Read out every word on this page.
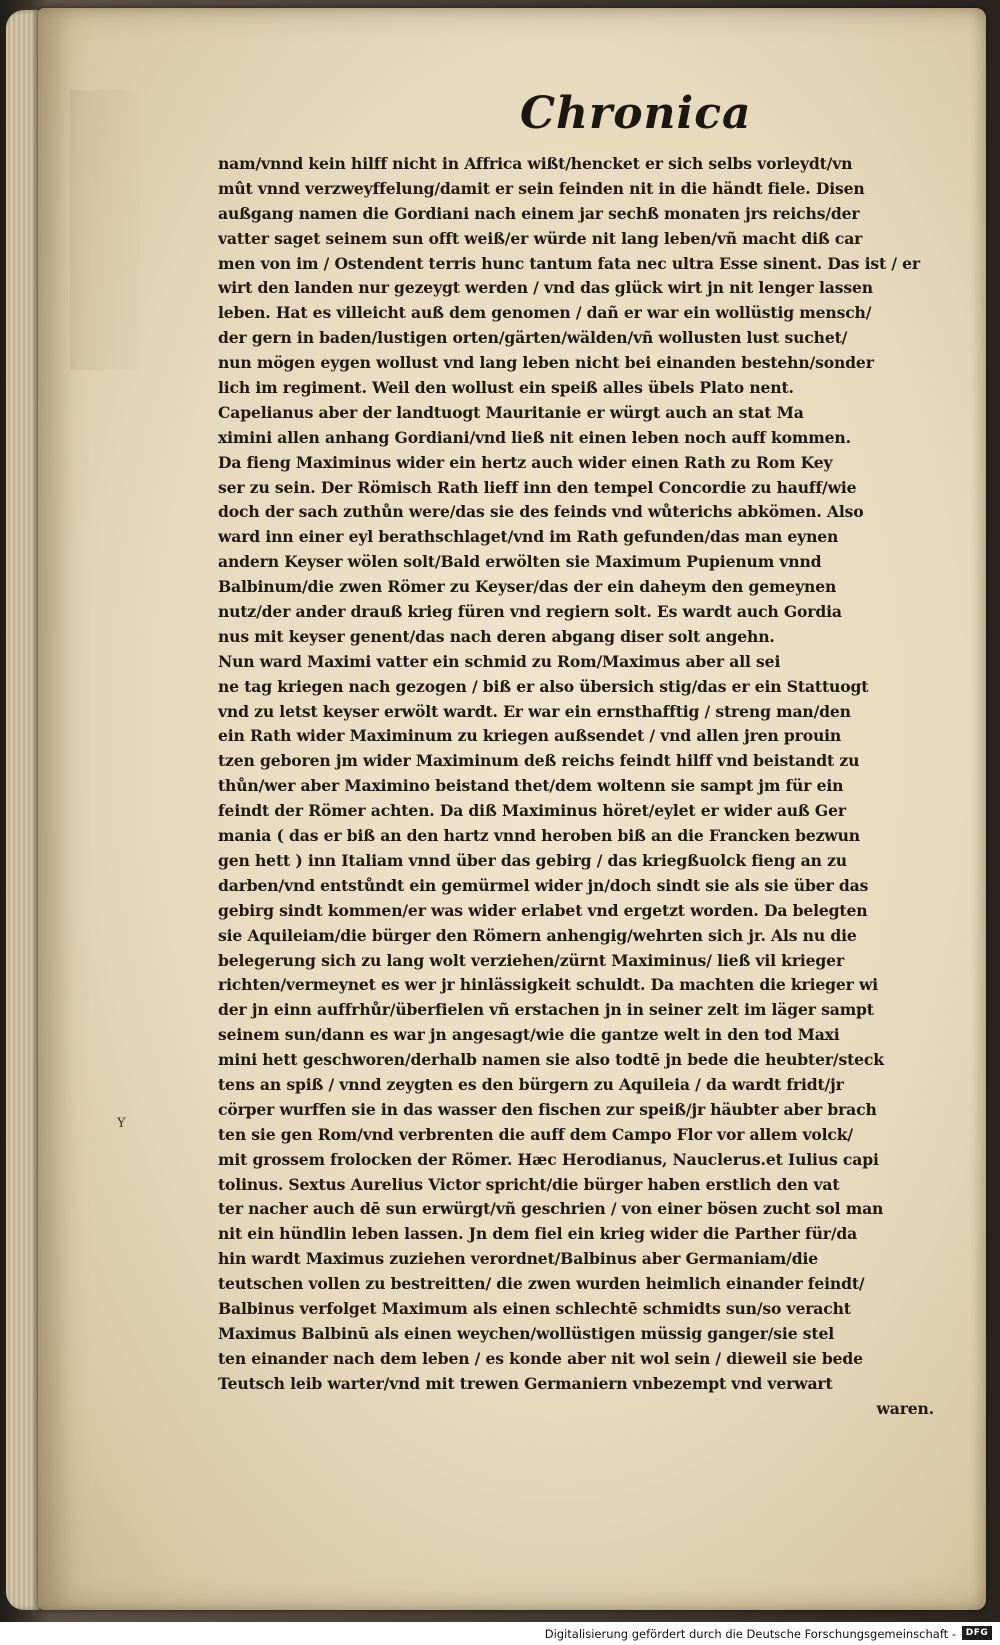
Chronica
nam/vnnd kein hilff nicht in Affrica wißt/hencket er sich selbs vorleydt/vn
mût vnnd verzweyffelung/damit er sein feinden nit in die händt fiele. Disen
außgang namen die Gordiani nach einem jar sechß monaten jrs reichs/der
vatter saget seinem sun offt weiß/er würde nit lang leben/vñ macht diß car
men von im / Ostendent terris hunc tantum fata nec ultra Esse sinent. Das ist / er
wirt den landen nur gezeygt werden / vnd das glück wirt jn nit lenger lassen
leben. Hat es villeicht auß dem genomen / dañ er war ein wollüstig mensch/
der gern in baden/lustigen orten/gärten/wälden/vñ wollusten lust suchet/
nun mögen eygen wollust vnd lang leben nicht bei einanden bestehn/sonder
lich im regiment. Weil den wollust ein speiß alles übels Plato nent.
Capelianus aber der landtuogt Mauritanie er würgt auch an stat Ma
ximini allen anhang Gordiani/vnd ließ nit einen leben noch auff kommen.
Da fieng Maximinus wider ein hertz auch wider einen Rath zu Rom Key
ser zu sein. Der Römisch Rath lieff inn den tempel Concordie zu hauff/wie
doch der sach zuthůn were/das sie des feinds vnd wůterichs abkömen. Also
ward inn einer eyl berathschlaget/vnd im Rath gefunden/das man eynen
andern Keyser wölen solt/Bald erwölten sie Maximum Pupienum vnnd
Balbinum/die zwen Römer zu Keyser/das der ein daheym den gemeynen
nutz/der ander drauß krieg füren vnd regiern solt. Es wardt auch Gordia
nus mit keyser genent/das nach deren abgang diser solt angehn.
Nun ward Maximi vatter ein schmid zu Rom/Maximus aber all sei
ne tag kriegen nach gezogen / biß er also übersich stig/das er ein Stattuogt
vnd zu letst keyser erwölt wardt. Er war ein ernsthafftig / streng man/den
ein Rath wider Maximinum zu kriegen außsendet / vnd allen jren prouin
tzen geboren jm wider Maximinum deß reichs feindt hilff vnd beistandt zu
thůn/wer aber Maximino beistand thet/dem woltenn sie sampt jm für ein
feindt der Römer achten. Da diß Maximinus höret/eylet er wider auß Ger
mania ( das er biß an den hartz vnnd heroben biß an die Francken bezwun
gen hett ) inn Italiam vnnd über das gebirg / das kriegßuolck fieng an zu
darben/vnd entstůndt ein gemürmel wider jn/doch sindt sie als sie über das
gebirg sindt kommen/er was wider erlabet vnd ergetzt worden. Da belegten
sie Aquileiam/die bürger den Römern anhengig/wehrten sich jr. Als nu die
belegerung sich zu lang wolt verziehen/zürnt Maximinus/ ließ vil krieger
richten/vermeynet es wer jr hinlässigkeit schuldt. Da machten die krieger wi
der jn einn auffrhůr/überfielen vñ erstachen jn in seiner zelt im läger sampt
seinem sun/dann es war jn angesagt/wie die gantze welt in den tod Maxi
mini hett geschworen/derhalb namen sie also todtē jn bede die heubter/steck
tens an spiß / vnnd zeygten es den bürgern zu Aquileia / da wardt fridt/jr
cörper wurffen sie in das wasser den fischen zur speiß/jr häubter aber brach
ten sie gen Rom/vnd verbrenten die auff dem Campo Flor vor allem volck/
mit grossem frolocken der Römer. Hæc Herodianus, Nauclerus.et Iulius capi
tolinus. Sextus Aurelius Victor spricht/die bürger haben erstlich den vat
ter nacher auch dē sun erwürgt/vñ geschrien / von einer bösen zucht sol man
nit ein hündlin leben lassen. Jn dem fiel ein krieg wider die Parther für/da
hin wardt Maximus zuziehen verordnet/Balbinus aber Germaniam/die
teutschen vollen zu bestreitten/ die zwen wurden heimlich einander feindt/
Balbinus verfolget Maximum als einen schlechtē schmidts sun/so veracht
Maximus Balbinū als einen weychen/wollüstigen müssig ganger/sie stel
ten einander nach dem leben / es konde aber nit wol sein / dieweil sie bede
Teutsch leib warter/vnd mit trewen Germaniern vnbezempt vnd verwart
waren.
Y
Digitalisierung gefördert durch die Deutsche Forschungsgemeinschaft -	DFG
